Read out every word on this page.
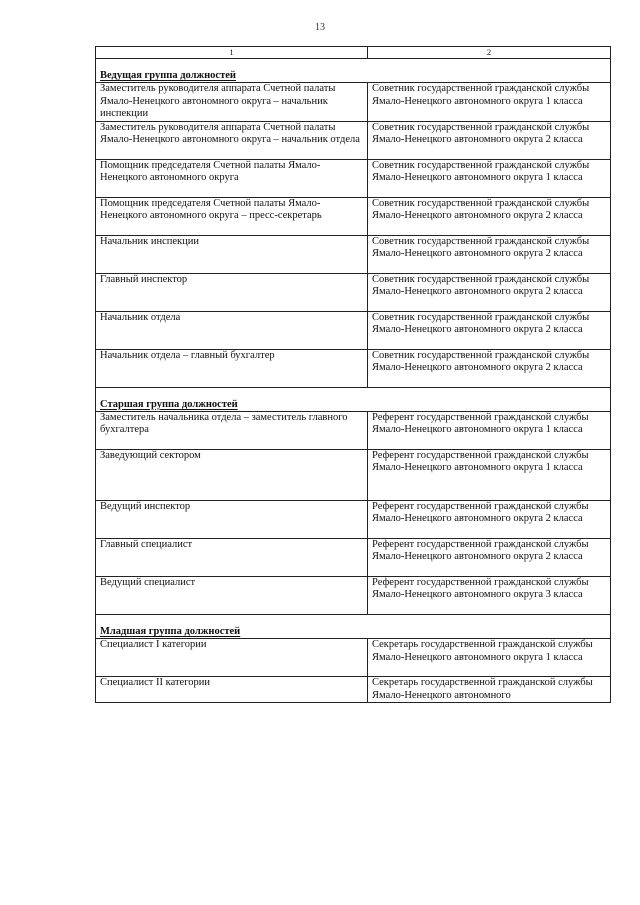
13
1	2

Ведущая группа должностей	
Заместитель руководителя аппарата Счетной палаты Ямало-Ненецкого автономного округа – начальник инспекции	Советник государственной гражданской службы Ямало-Ненецкого автономного округа 1 класса
Заместитель руководителя аппарата Счетной палаты Ямало-Ненецкого автономного округа – начальник отдела	Советник государственной гражданской службы Ямало-Ненецкого автономного округа 2 класса
Помощник председателя Счетной палаты Ямало-Ненецкого автономного округа	Советник государственной гражданской службы Ямало-Ненецкого автономного округа 1 класса
Помощник председателя Счетной палаты Ямало-Ненецкого автономного округа – пресс-секретарь	Советник государственной гражданской службы Ямало-Ненецкого автономного округа 2 класса
Начальник инспекции	Советник государственной гражданской службы Ямало-Ненецкого автономного округа 2 класса
Главный инспектор	Советник государственной гражданской службы Ямало-Ненецкого автономного округа 2 класса
Начальник отдела	Советник государственной гражданской службы Ямало-Ненецкого автономного округа 2 класса
Начальник отдела – главный бухгалтер	Советник государственной гражданской службы Ямало-Ненецкого автономного округа 2 класса

Старшая группа должностей	
Заместитель начальника отдела – заместитель главного бухгалтера	Референт государственной гражданской службы Ямало-Ненецкого автономного округа 1 класса
Заведующий сектором	Референт государственной гражданской службы Ямало-Ненецкого автономного округа 1 класса
Ведущий инспектор	Референт государственной гражданской службы Ямало-Ненецкого автономного округа 2 класса
Главный специалист	Референт государственной гражданской службы Ямало-Ненецкого автономного округа 2 класса
Ведущий специалист	Референт государственной гражданской службы Ямало-Ненецкого автономного округа 3 класса

Младшая группа должностей	
Специалист I категории	Секретарь государственной гражданской службы Ямало-Ненецкого автономного округа 1 класса
Специалист II категории	Секретарь государственной гражданской службы Ямало-Ненецкого автономного
